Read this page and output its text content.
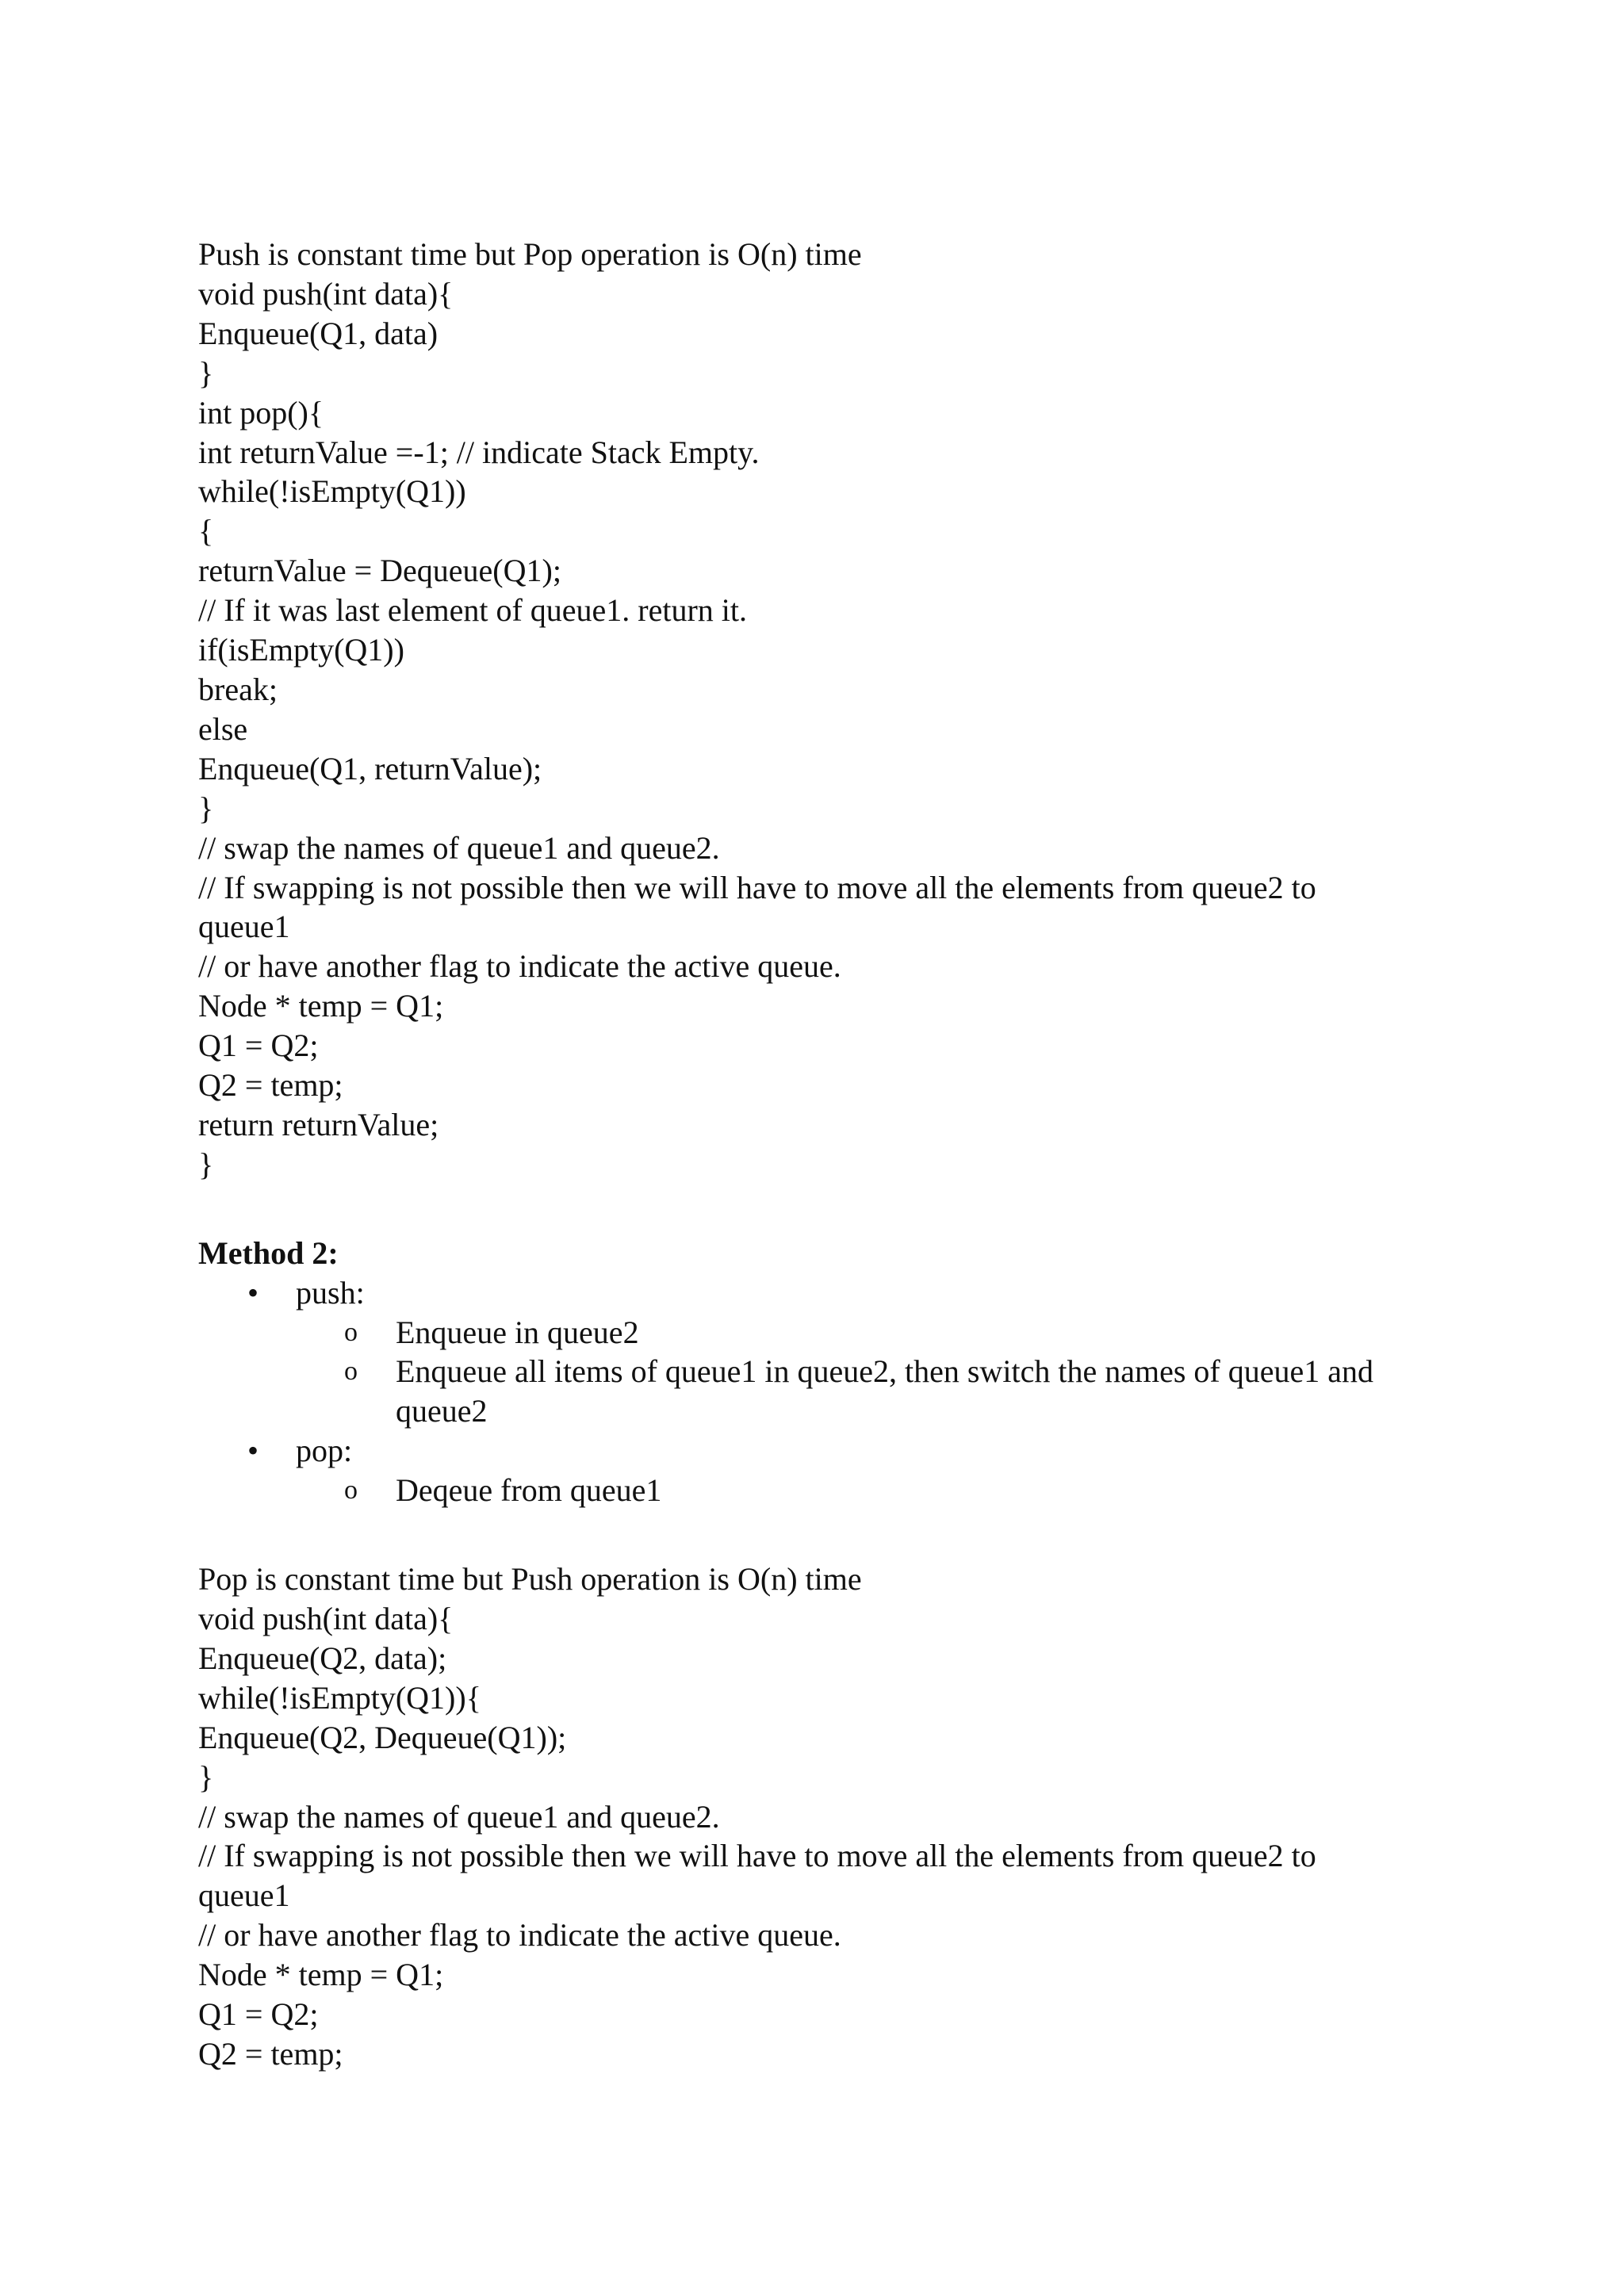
Push is constant time but Pop operation is O(n) time
void push(int data){
Enqueue(Q1, data)
}
int pop(){
int returnValue =-1; // indicate Stack Empty.
while(!isEmpty(Q1))
{
returnValue = Dequeue(Q1);
// If it was last element of queue1. return it.
if(isEmpty(Q1))
break;
else
Enqueue(Q1, returnValue);
}
// swap the names of queue1 and queue2.
// If swapping is not possible then we will have to move all the elements from queue2 to
queue1
// or have another flag to indicate the active queue.
Node * temp = Q1;
Q1 = Q2;
Q2 = temp;
return returnValue;
}
Method 2:
• push:
o Enqueue in queue2
o Enqueue all items of queue1 in queue2, then switch the names of queue1 and queue2
• pop:
o Deqeue from queue1
Pop is constant time but Push operation is O(n) time
void push(int data){
Enqueue(Q2, data);
while(!isEmpty(Q1)){
Enqueue(Q2, Dequeue(Q1));
}
// swap the names of queue1 and queue2.
// If swapping is not possible then we will have to move all the elements from queue2 to
queue1
// or have another flag to indicate the active queue.
Node * temp = Q1;
Q1 = Q2;
Q2 = temp;
